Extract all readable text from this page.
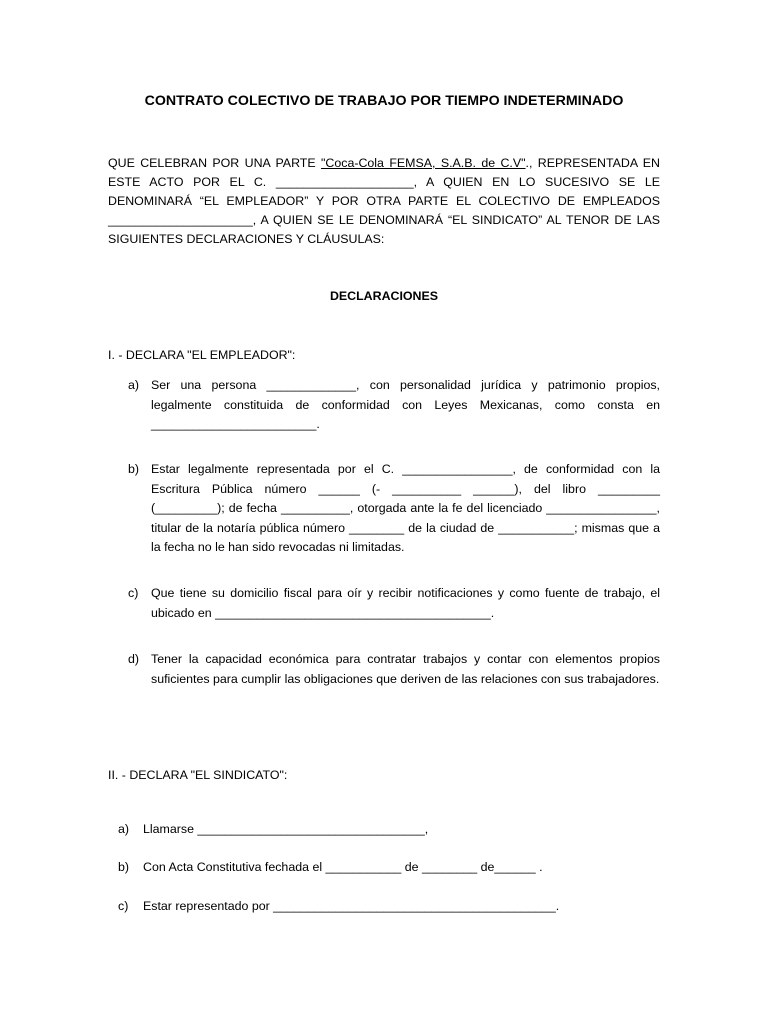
CONTRATO COLECTIVO DE TRABAJO POR TIEMPO INDETERMINADO
QUE CELEBRAN POR UNA PARTE "Coca-Cola FEMSA, S.A.B. de C.V"., REPRESENTADA EN ESTE ACTO POR EL C. ____________________, A QUIEN EN LO SUCESIVO SE LE DENOMINARÁ “EL EMPLEADOR” Y POR OTRA PARTE EL COLECTIVO DE EMPLEADOS _____________________, A QUIEN SE LE DENOMINARÁ “EL SINDICATO” AL TENOR DE LAS SIGUIENTES DECLARACIONES Y CLÁUSULAS:
DECLARACIONES
I. - DECLARA "EL EMPLEADOR":
a) Ser una persona _____________, con personalidad jurídica y patrimonio propios, legalmente constituida de conformidad con Leyes Mexicanas, como consta en ________________________.
b) Estar legalmente representada por el C. ________________, de conformidad con la Escritura Pública número ______ (- __________ ______), del libro _________ (_________); de fecha __________, otorgada ante la fe del licenciado ________________, titular de la notaría pública número ________ de la ciudad de ___________; mismas que a la fecha no le han sido revocadas ni limitadas.
c)	Que tiene su domicilio fiscal para oír y recibir notificaciones y como fuente de trabajo, el ubicado en ________________________________________.
d) Tener la capacidad económica para contratar trabajos y contar con elementos propios suficientes para cumplir las obligaciones que deriven de las relaciones con sus trabajadores.
II. - DECLARA "EL SINDICATO":
a)	Llamarse _________________________________,
b)	Con Acta Constitutiva fechada el ___________ de ________ de______ .
c)	Estar representado por _________________________________________.
